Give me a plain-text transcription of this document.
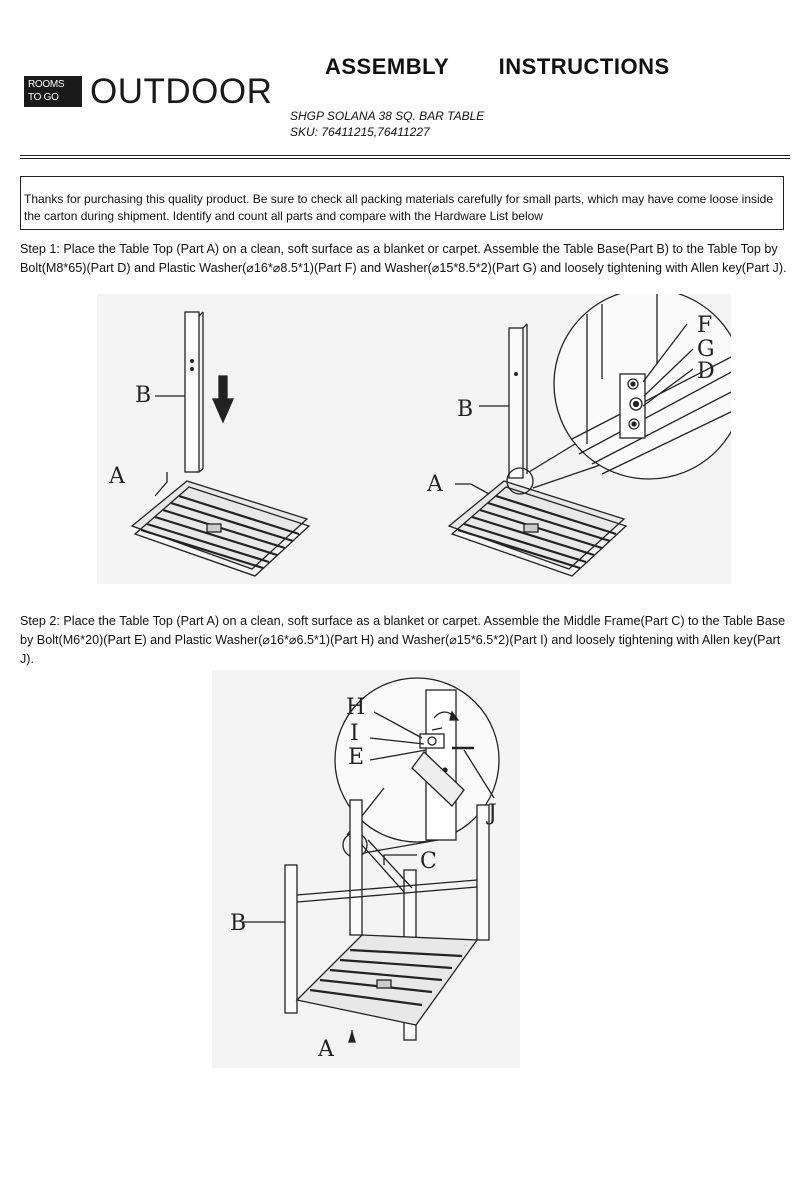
ROOMS
TO GO OUTDOOR
ASSEMBLY   INSTRUCTIONS
SHGP SOLANA 38 SQ. BAR TABLE
SKU: 76411215,76411227
Thanks for purchasing this quality product. Be sure to check all packing materials carefully for small parts, which may have come loose inside the carton during shipment. Identify and count all parts and compare with the Hardware List below
Step 1: Place the Table Top (Part A) on a clean, soft surface as a blanket or carpet. Assemble the Table Base(Part B) to the Table Top by Bolt(M8*65)(Part D) and Plastic Washer(⌀16*⌀8.5*1)(Part F) and Washer(⌀15*8.5*2)(Part G) and loosely tightening with Allen key(Part J).
B
A
B
A
F
G
D
Step 2: Place the Table Top (Part A) on a clean, soft surface as a blanket or carpet. Assemble the Middle Frame(Part C) to the Table Base by Bolt(M6*20)(Part E) and Plastic Washer(⌀16*⌀6.5*1)(Part H) and Washer(⌀15*6.5*2)(Part I) and loosely tightening with Allen key(Part J).
H
I
E
J
C
B
A
